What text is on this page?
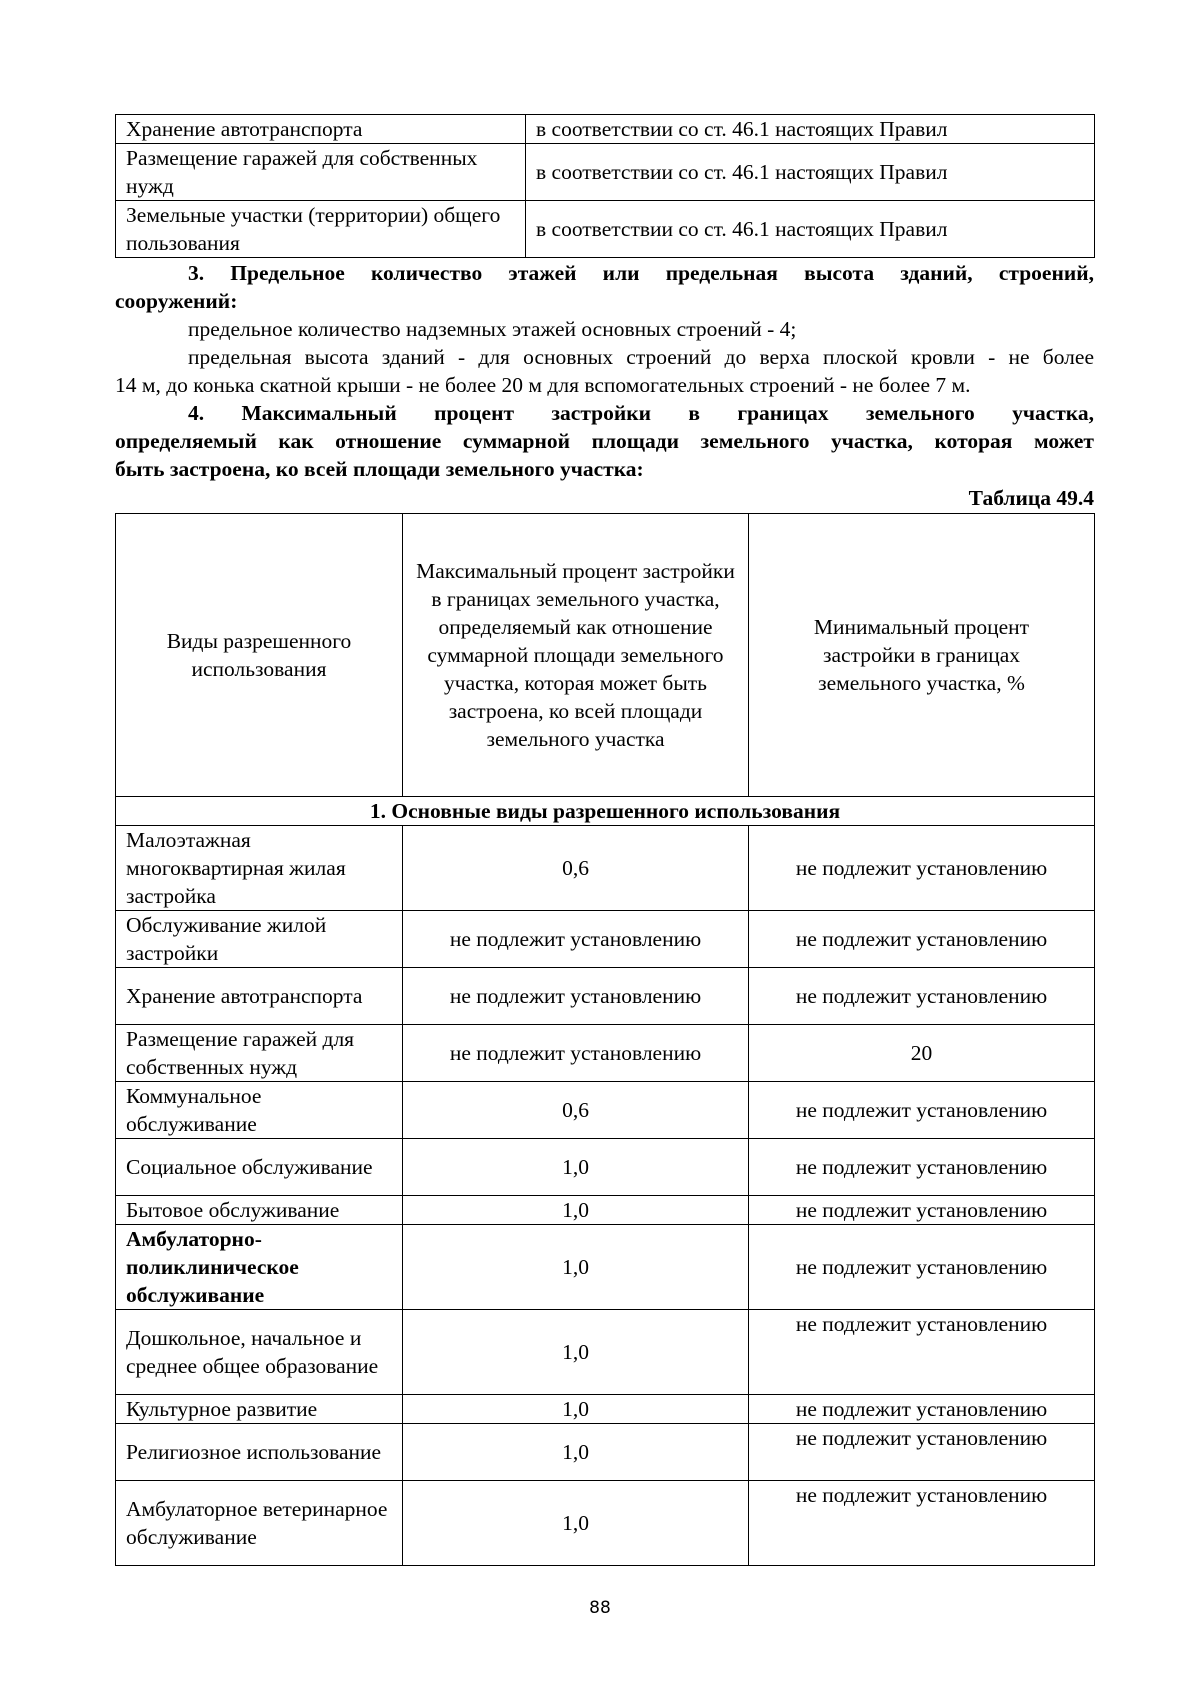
Хранение автотранспорта	в соответствии со ст. 46.1 настоящих Правил
Размещение гаражей для собственных нужд	в соответствии со ст. 46.1 настоящих Правил
Земельные участки (территории) общего пользования	в соответствии со ст. 46.1 настоящих Правил

3. Предельное количество этажей или предельная высота зданий, строений,

сооружений:

предельное количество надземных этажей основных строений - 4;

предельная высота зданий - для основных строений до верха плоской кровли - не более

14 м, до конька скатной крыши - не более 20 м для вспомогательных строений - не более 7 м.

4. Максимальный процент застройки в границах земельного участка,

определяемый как отношение суммарной площади земельного участка, которая может

быть застроена, ко всей площади земельного участка:

Таблица 49.4
Виды разрешенного использования	Максимальный процент застройки в границах земельного участка, определяемый как отношение суммарной площади земельного участка, которая может быть застроена, ко всей площади земельного участка	Минимальный процент застройки в границах земельного участка, %
1. Основные виды разрешенного использования		
Малоэтажная многоквартирная жилая застройка	0,6	не подлежит установлению
Обслуживание жилой застройки	не подлежит установлению	не подлежит установлению
Хранение автотранспорта	не подлежит установлению	не подлежит установлению
Размещение гаражей для собственных нужд	не подлежит установлению	20
Коммунальное обслуживание	0,6	не подлежит установлению
Социальное обслуживание	1,0	не подлежит установлению
Бытовое обслуживание	1,0	не подлежит установлению
Амбулаторно-поликлиническое обслуживание	1,0	не подлежит установлению
Дошкольное, начальное и среднее общее образование	1,0	не подлежит установлению
Культурное развитие	1,0	не подлежит установлению
Религиозное использование	1,0	не подлежит установлению
Амбулаторное ветеринарное обслуживание	1,0	не подлежит установлению
88
